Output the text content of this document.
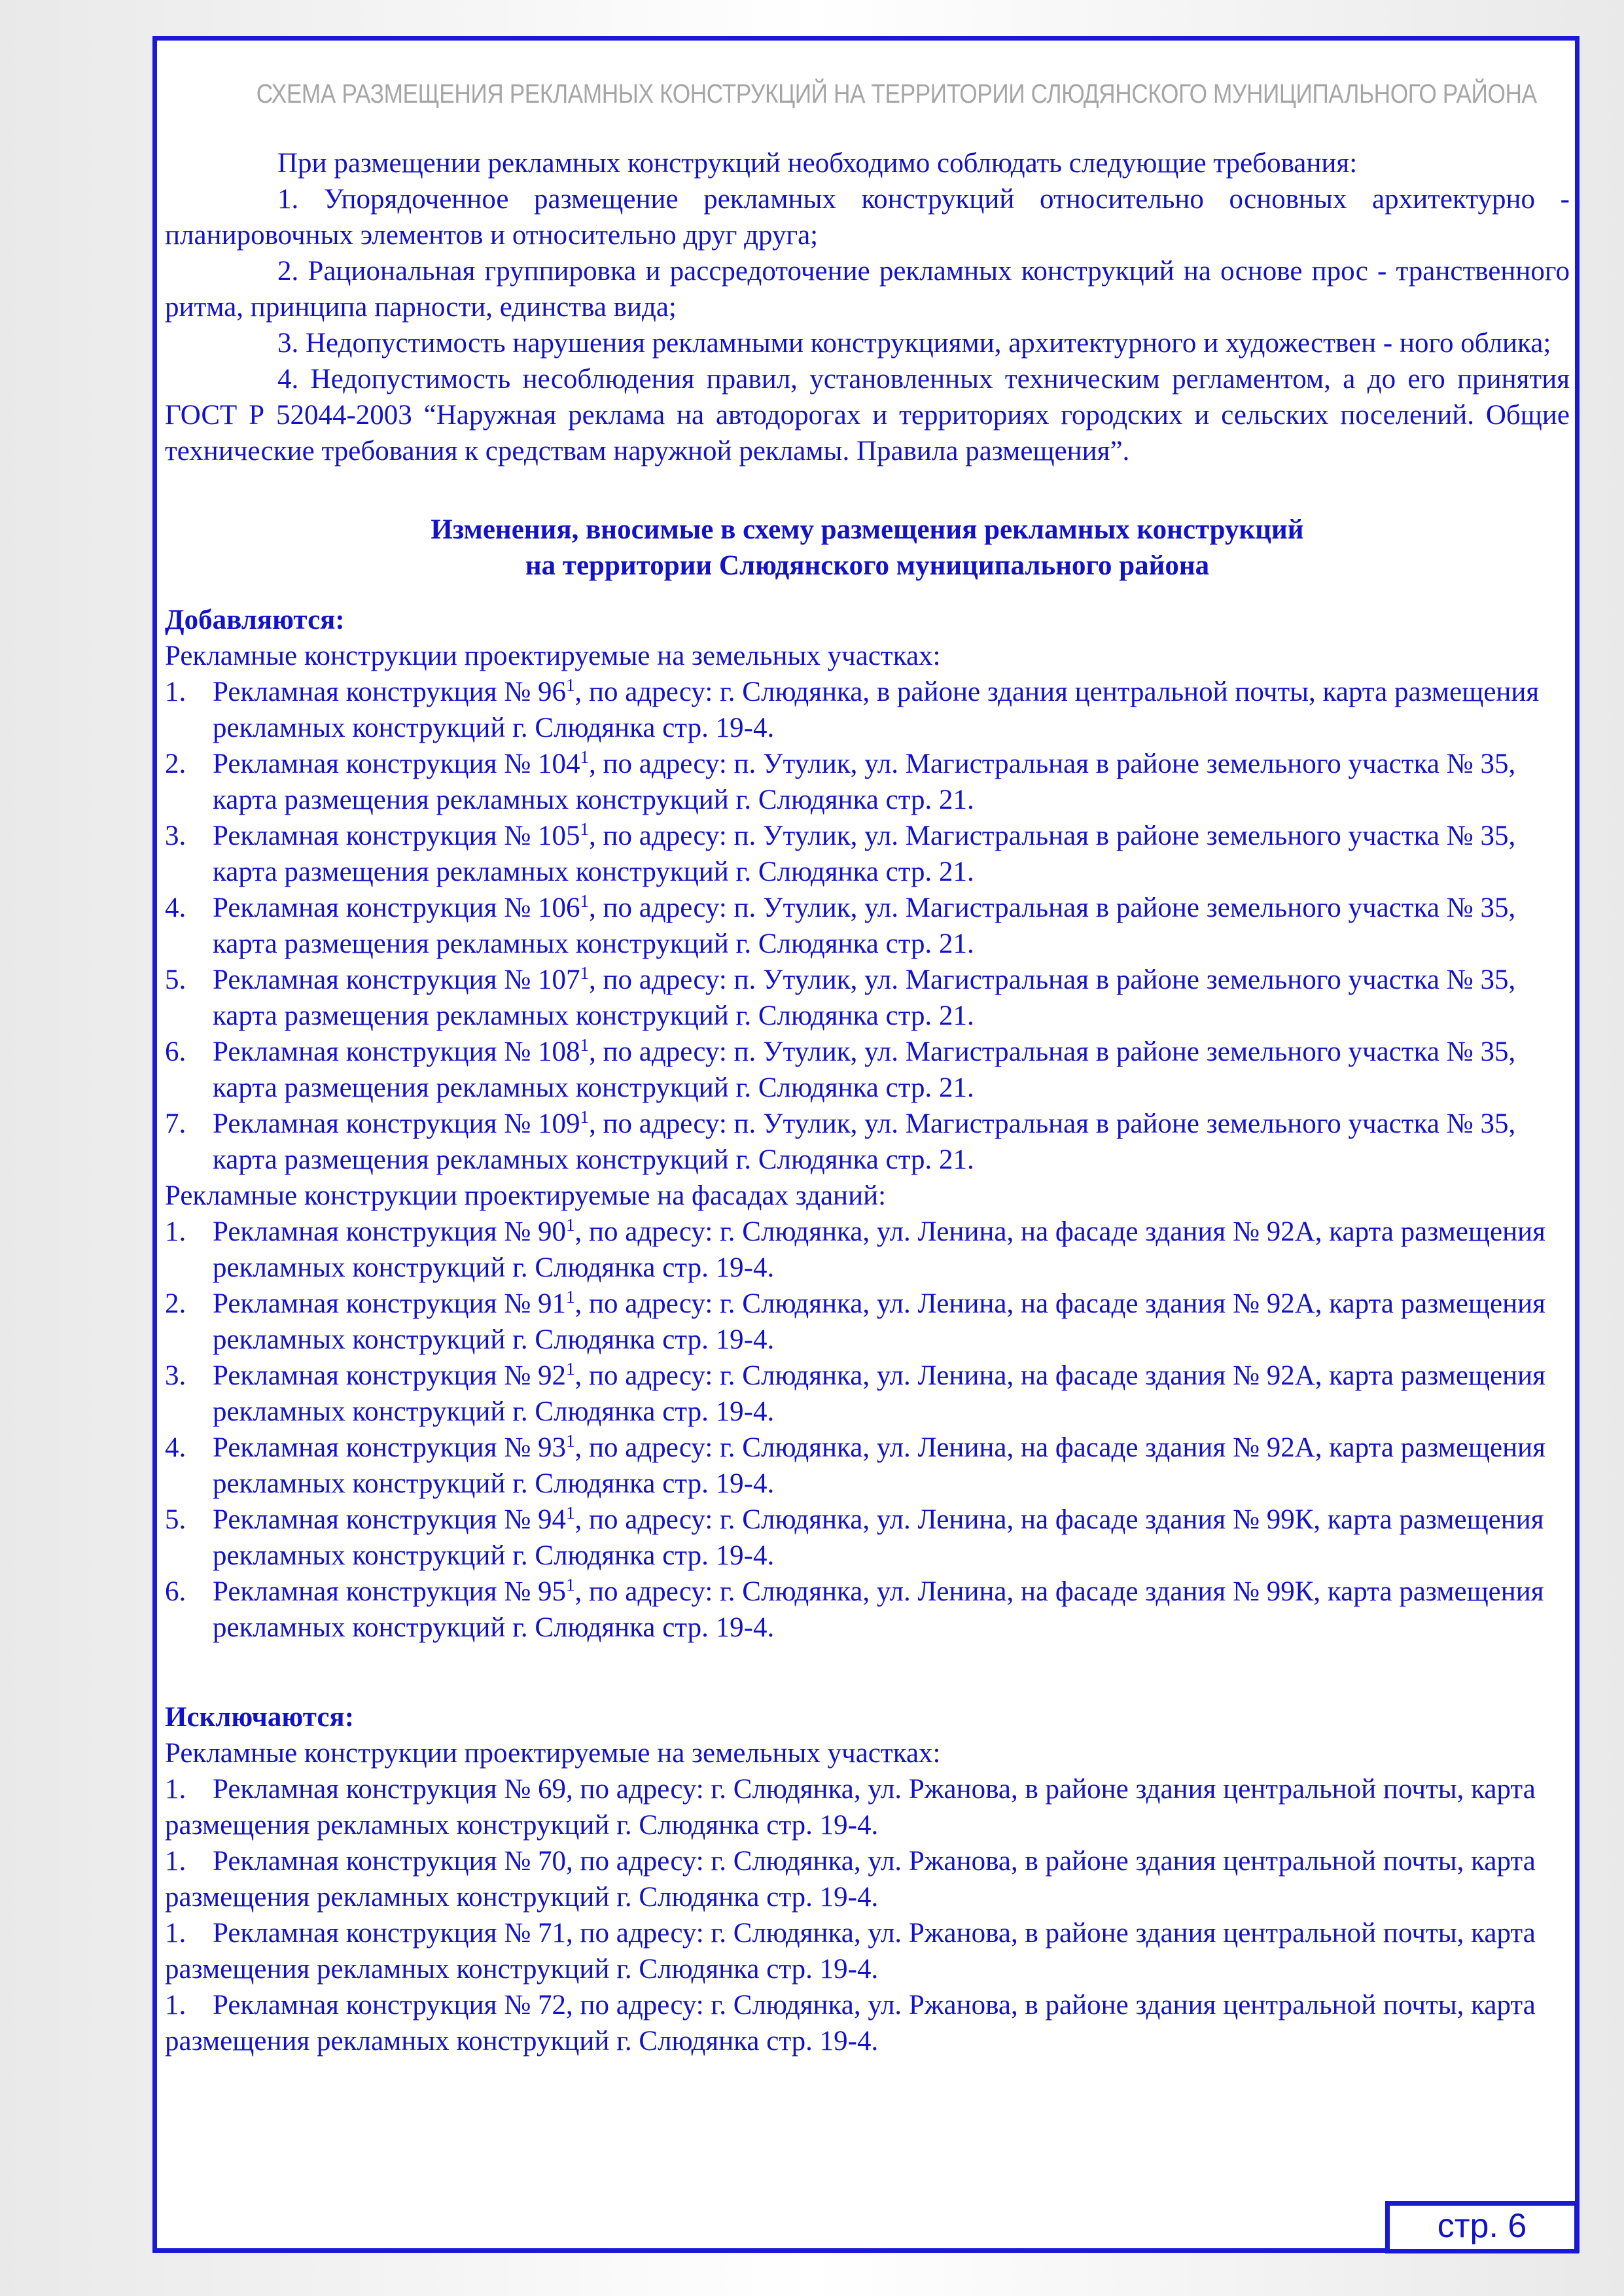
СХЕМА РАЗМЕЩЕНИЯ РЕКЛАМНЫХ КОНСТРУКЦИЙ НА ТЕРРИТОРИИ СЛЮДЯНСКОГО МУНИЦИПАЛЬНОГО РАЙОНА

При размещении рекламных конструкций необходимо соблюдать следующие требования:

1. Упорядоченное размещение рекламных конструкций относительно основных архитектурно - планировочных элементов и относительно друг друга;

2. Рациональная группировка и рассредоточение рекламных конструкций на основе прос - транственного ритма, принципа парности, единства вида;

3. Недопустимость нарушения рекламными конструкциями, архитектурного и художествен - ного облика;

4. Недопустимость несоблюдения правил, установленных техническим регламентом, а до его принятия ГОСТ Р 52044-2003 “Наружная реклама на автодорогах и территориях городских и сельских поселений. Общие технические требования к средствам наружной рекламы. Правила размещения”.

Изменения, вносимые в схему размещения рекламных конструкций
на территории Слюдянского муниципального района
Добавляются:

Рекламные конструкции проектируемые на земельных участках:

1. Рекламная конструкция № $96^1$, по адресу: г. Слюдянка, в районе здания центральной почты, карта размещения рекламных конструкций г. Слюдянка стр. 19-4.
2. Рекламная конструкция № $104^1$, по адресу: п. Утулик, ул. Магистральная в районе земельного участка № 35, карта размещения рекламных конструкций г. Слюдянка стр. 21.
3. Рекламная конструкция № $105^1$, по адресу: п. Утулик, ул. Магистральная в районе земельного участка № 35, карта размещения рекламных конструкций г. Слюдянка стр. 21.
4. Рекламная конструкция № $106^1$, по адресу: п. Утулик, ул. Магистральная в районе земельного участка № 35, карта размещения рекламных конструкций г. Слюдянка стр. 21.
5. Рекламная конструкция № $107^1$, по адресу: п. Утулик, ул. Магистральная в районе земельного участка № 35, карта размещения рекламных конструкций г. Слюдянка стр. 21.
6. Рекламная конструкция № $108^1$, по адресу: п. Утулик, ул. Магистральная в районе земельного участка № 35, карта размещения рекламных конструкций г. Слюдянка стр. 21.
7. Рекламная конструкция № $109^1$, по адресу: п. Утулик, ул. Магистральная в районе земельного участка № 35, карта размещения рекламных конструкций г. Слюдянка стр. 21.

Рекламные конструкции проектируемые на фасадах зданий:

1. Рекламная конструкция № $90^1$, по адресу: г. Слюдянка, ул. Ленина, на фасаде здания № 92А, карта размещения рекламных конструкций г. Слюдянка стр. 19-4.
2. Рекламная конструкция № $91^1$, по адресу: г. Слюдянка, ул. Ленина, на фасаде здания № 92А, карта размещения рекламных конструкций г. Слюдянка стр. 19-4.
3. Рекламная конструкция № $92^1$, по адресу: г. Слюдянка, ул. Ленина, на фасаде здания № 92А, карта размещения рекламных конструкций г. Слюдянка стр. 19-4.
4. Рекламная конструкция № $93^1$, по адресу: г. Слюдянка, ул. Ленина, на фасаде здания № 92А, карта размещения рекламных конструкций г. Слюдянка стр. 19-4.
5. Рекламная конструкция № $94^1$, по адресу: г. Слюдянка, ул. Ленина, на фасаде здания № 99К, карта размещения рекламных конструкций г. Слюдянка стр. 19-4.
6. Рекламная конструкция № $95^1$, по адресу: г. Слюдянка, ул. Ленина, на фасаде здания № 99К, карта размещения рекламных конструкций г. Слюдянка стр. 19-4.
Исключаются:

Рекламные конструкции проектируемые на земельных участках:

1. Рекламная конструкция № 69, по адресу: г. Слюдянка, ул. Ржанова, в районе здания центральной почты, карта размещения рекламных конструкций г. Слюдянка стр. 19-4.

1. Рекламная конструкция № 70, по адресу: г. Слюдянка, ул. Ржанова, в районе здания центральной почты, карта размещения рекламных конструкций г. Слюдянка стр. 19-4.

1. Рекламная конструкция № 71, по адресу: г. Слюдянка, ул. Ржанова, в районе здания центральной почты, карта размещения рекламных конструкций г. Слюдянка стр. 19-4.

1. Рекламная конструкция № 72, по адресу: г. Слюдянка, ул. Ржанова, в районе здания центральной почты, карта размещения рекламных конструкций г. Слюдянка стр. 19-4.

стр. 6
